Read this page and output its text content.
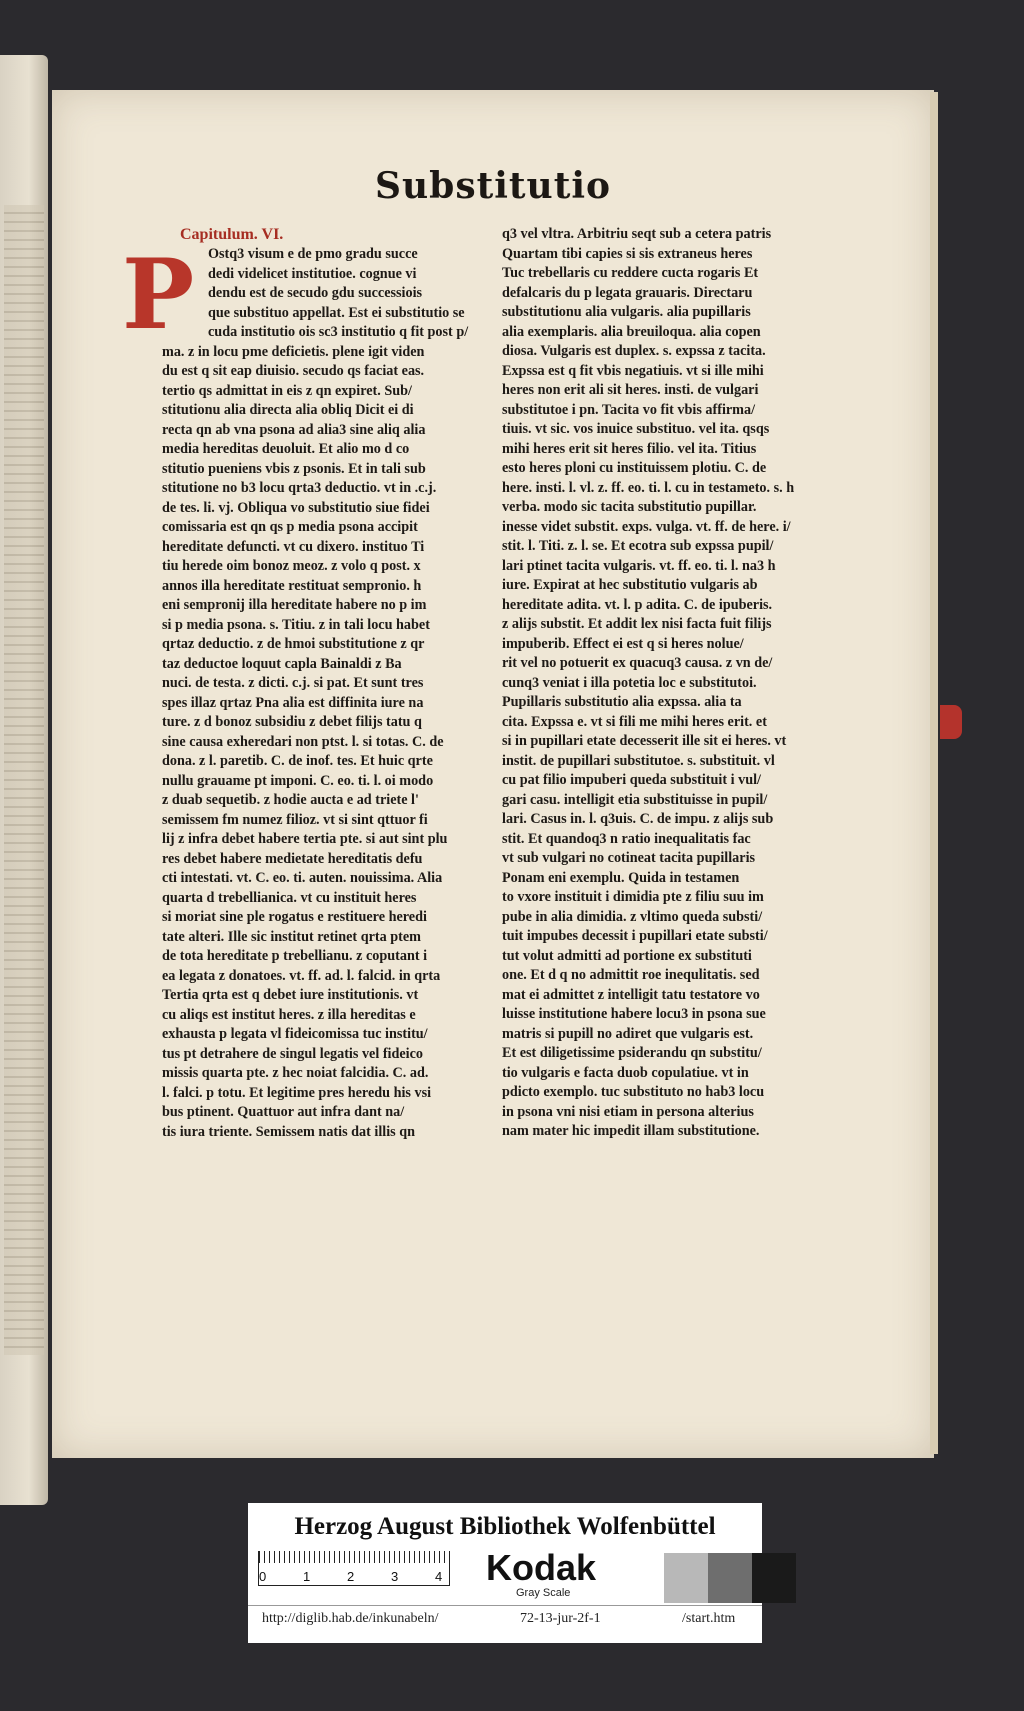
Substitutio
Capitulum. VI.
P Ostq3 visum e de pmo gradu succe
dedi videlicet institutioe. cognue vi
dendu est de secudo gdu successiois
que substituo appellat. Est ei substitutio se
cuda institutio ois sc3 institutio q fit post p/
ma. z in locu pme deficietis. plene igit viden
du est q sit eap diuisio. secudo qs faciat eas.
tertio qs admittat in eis z qn expiret. Sub/
stitutionu alia directa alia obliq Dicit ei di
recta qn ab vna psona ad alia3 sine aliq alia
media hereditas deuoluit. Et alio mo d co
stitutio pueniens vbis z psonis. Et in tali sub
stitutione no b3 locu qrta3 deductio. vt in .c.j.
de tes. li. vj. Obliqua vo substitutio siue fidei
comissaria est qn qs p media psona accipit
hereditate defuncti. vt cu dixero. instituo Ti
tiu herede oim bonoz meoz. z volo q post. x
annos illa hereditate restituat sempronio. h
eni sempronij illa hereditate habere no p im
si p media psona. s. Titiu. z in tali locu habet
qrtaz deductio. z de hmoi substitutione z qr
taz deductoe loquut capla Bainaldi z Ba
nuci. de testa. z dicti. c.j. si pat. Et sunt tres
spes illaz qrtaz Pna alia est diffinita iure na
ture. z d bonoz subsidiu z debet filijs tatu q
sine causa exheredari non ptst. l. si totas. C. de
dona. z l. paretib. C. de inof. tes. Et huic qrte
nullu grauame pt imponi. C. eo. ti. l. oi modo
z duab sequetib. z hodie aucta e ad triete l'
semissem fm numez filioz. vt si sint qttuor fi
lij z infra debet habere tertia pte. si aut sint plu
res debet habere medietate hereditatis defu
cti intestati. vt. C. eo. ti. auten. nouissima. Alia
quarta d trebellianica. vt cu instituit heres
si moriat sine ple rogatus e restituere heredi
tate alteri. Ille sic institut retinet qrta ptem
de tota hereditate p trebellianu. z coputant i
ea legata z donatoes. vt. ff. ad. l. falcid. in qrta
Tertia qrta est q debet iure institutionis. vt
cu aliqs est institut heres. z illa hereditas e
exhausta p legata vl fideicomissa tuc institu/
tus pt detrahere de singul legatis vel fideico
missis quarta pte. z hec noiat falcidia. C. ad.
l. falci. p totu. Et legitime pres heredu his vsi
bus ptinent. Quattuor aut infra dant na/
tis iura triente. Semissem natis dat illis qn
q3 vel vltra. Arbitriu seqt sub a cetera patris
Quartam tibi capies si sis extraneus heres
Tuc trebellaris cu reddere cucta rogaris Et
defalcaris du p legata grauaris. Directaru
substitutionu alia vulgaris. alia pupillaris
alia exemplaris. alia breuiloqua. alia copen
diosa. Vulgaris est duplex. s. expssa z tacita.
Expssa est q fit vbis negatiuis. vt si ille mihi
heres non erit ali sit heres. insti. de vulgari
substitutoe i pn. Tacita vo fit vbis affirma/
tiuis. vt sic. vos inuice substituo. vel ita. qsqs
mihi heres erit sit heres filio. vel ita. Titius
esto heres ploni cu instituissem plotiu. C. de
here. insti. l. vl. z. ff. eo. ti. l. cu in testameto. s. h
verba. modo sic tacita substitutio pupillar.
inesse videt substit. exps. vulga. vt. ff. de here. i/
stit. l. Titi. z. l. se. Et ecotra sub expssa pupil/
lari ptinet tacita vulgaris. vt. ff. eo. ti. l. na3 h
iure. Expirat at hec substitutio vulgaris ab
hereditate adita. vt. l. p adita. C. de ipuberis.
z alijs substit. Et addit lex nisi facta fuit filijs
impuberib. Effect ei est q si heres nolue/
rit vel no potuerit ex quacuq3 causa. z vn de/
cunq3 veniat i illa potetia loc e substitutoi.
Pupillaris substitutio alia expssa. alia ta
cita. Expssa e. vt si fili me mihi heres erit. et
si in pupillari etate decesserit ille sit ei heres. vt
instit. de pupillari substitutoe. s. substituit. vl
cu pat filio impuberi queda substituit i vul/
gari casu. intelligit etia substituisse in pupil/
lari. Casus in. l. q3uis. C. de impu. z alijs sub
stit. Et quandoq3 n ratio inequalitatis fac
vt sub vulgari no cotineat tacita pupillaris
Ponam eni exemplu. Quida in testamen
to vxore instituit i dimidia pte z filiu suu im
pube in alia dimidia. z vltimo queda substi/
tuit impubes decessit i pupillari etate substi/
tut volut admitti ad portione ex substituti
one. Et d q no admittit roe inequlitatis. sed
mat ei admittet z intelligit tatu testatore vo
luisse institutione habere locu3 in psona sue
matris si pupill no adiret que vulgaris est.
Et est diligetissime psiderandu qn substitu/
tio vulgaris e facta duob copulatiue. vt in
pdicto exemplo. tuc substituto no hab3 locu
in psona vni nisi etiam in persona alterius
nam mater hic impedit illam substitutione.
Herzog August Bibliothek Wolfenbüttel
0	1	2	3	4 Kodak
Gray Scale
http://diglib.hab.de/inkunabeln/	72-13-jur-2f-1	/start.htm
